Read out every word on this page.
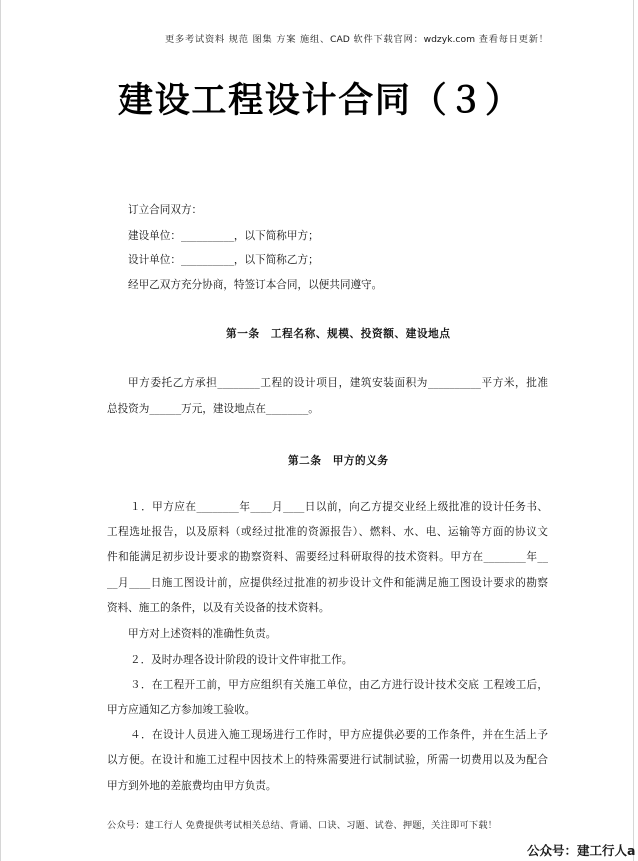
更多考试资料 规范 图集 方案 施组、CAD 软件下载官网：wdzyk.com 查看每日更新！
建设工程设计合同（３）
订立合同双方：
建设单位：__________，以下简称甲方；
设计单位：__________，以下简称乙方；
经甲乙双方充分协商，特签订本合同，以便共同遵守。
第一条　工程名称、规模、投资额、建设地点
甲方委托乙方承担________工程的设计项目，建筑安装面积为__________平方米，批准
总投资为______万元，建设地点在________。
第二条　甲方的义务
１．甲方应在________年____月____日以前，向乙方提交业经上级批准的设计任务书、
工程选址报告，以及原料（或经过批准的资源报告）、燃料、水、电、运输等方面的协议文
件和能满足初步设计要求的勘察资料、需要经过科研取得的技术资料。甲方在________年__
__月____日施工图设计前，应提供经过批准的初步设计文件和能满足施工图设计要求的勘察
资料、施工的条件，以及有关设备的技术资料。
甲方对上述资料的准确性负责。
２．及时办理各设计阶段的设计文件审批工作。
３．在工程开工前，甲方应组织有关施工单位，由乙方进行设计技术交底 工程竣工后，
甲方应通知乙方参加竣工验收。
４．在设计人员进入施工现场进行工作时，甲方应提供必要的工作条件，并在生活上予
以方便。在设计和施工过程中因技术上的特殊需要进行试制试验，所需一切费用以及为配合
甲方到外地的差旅费均由甲方负责。
公众号：建工行人 免费提供考试相关总结、背诵、口诀、习题、试卷、押题，关注即可下载！
公众号：建工行人a
